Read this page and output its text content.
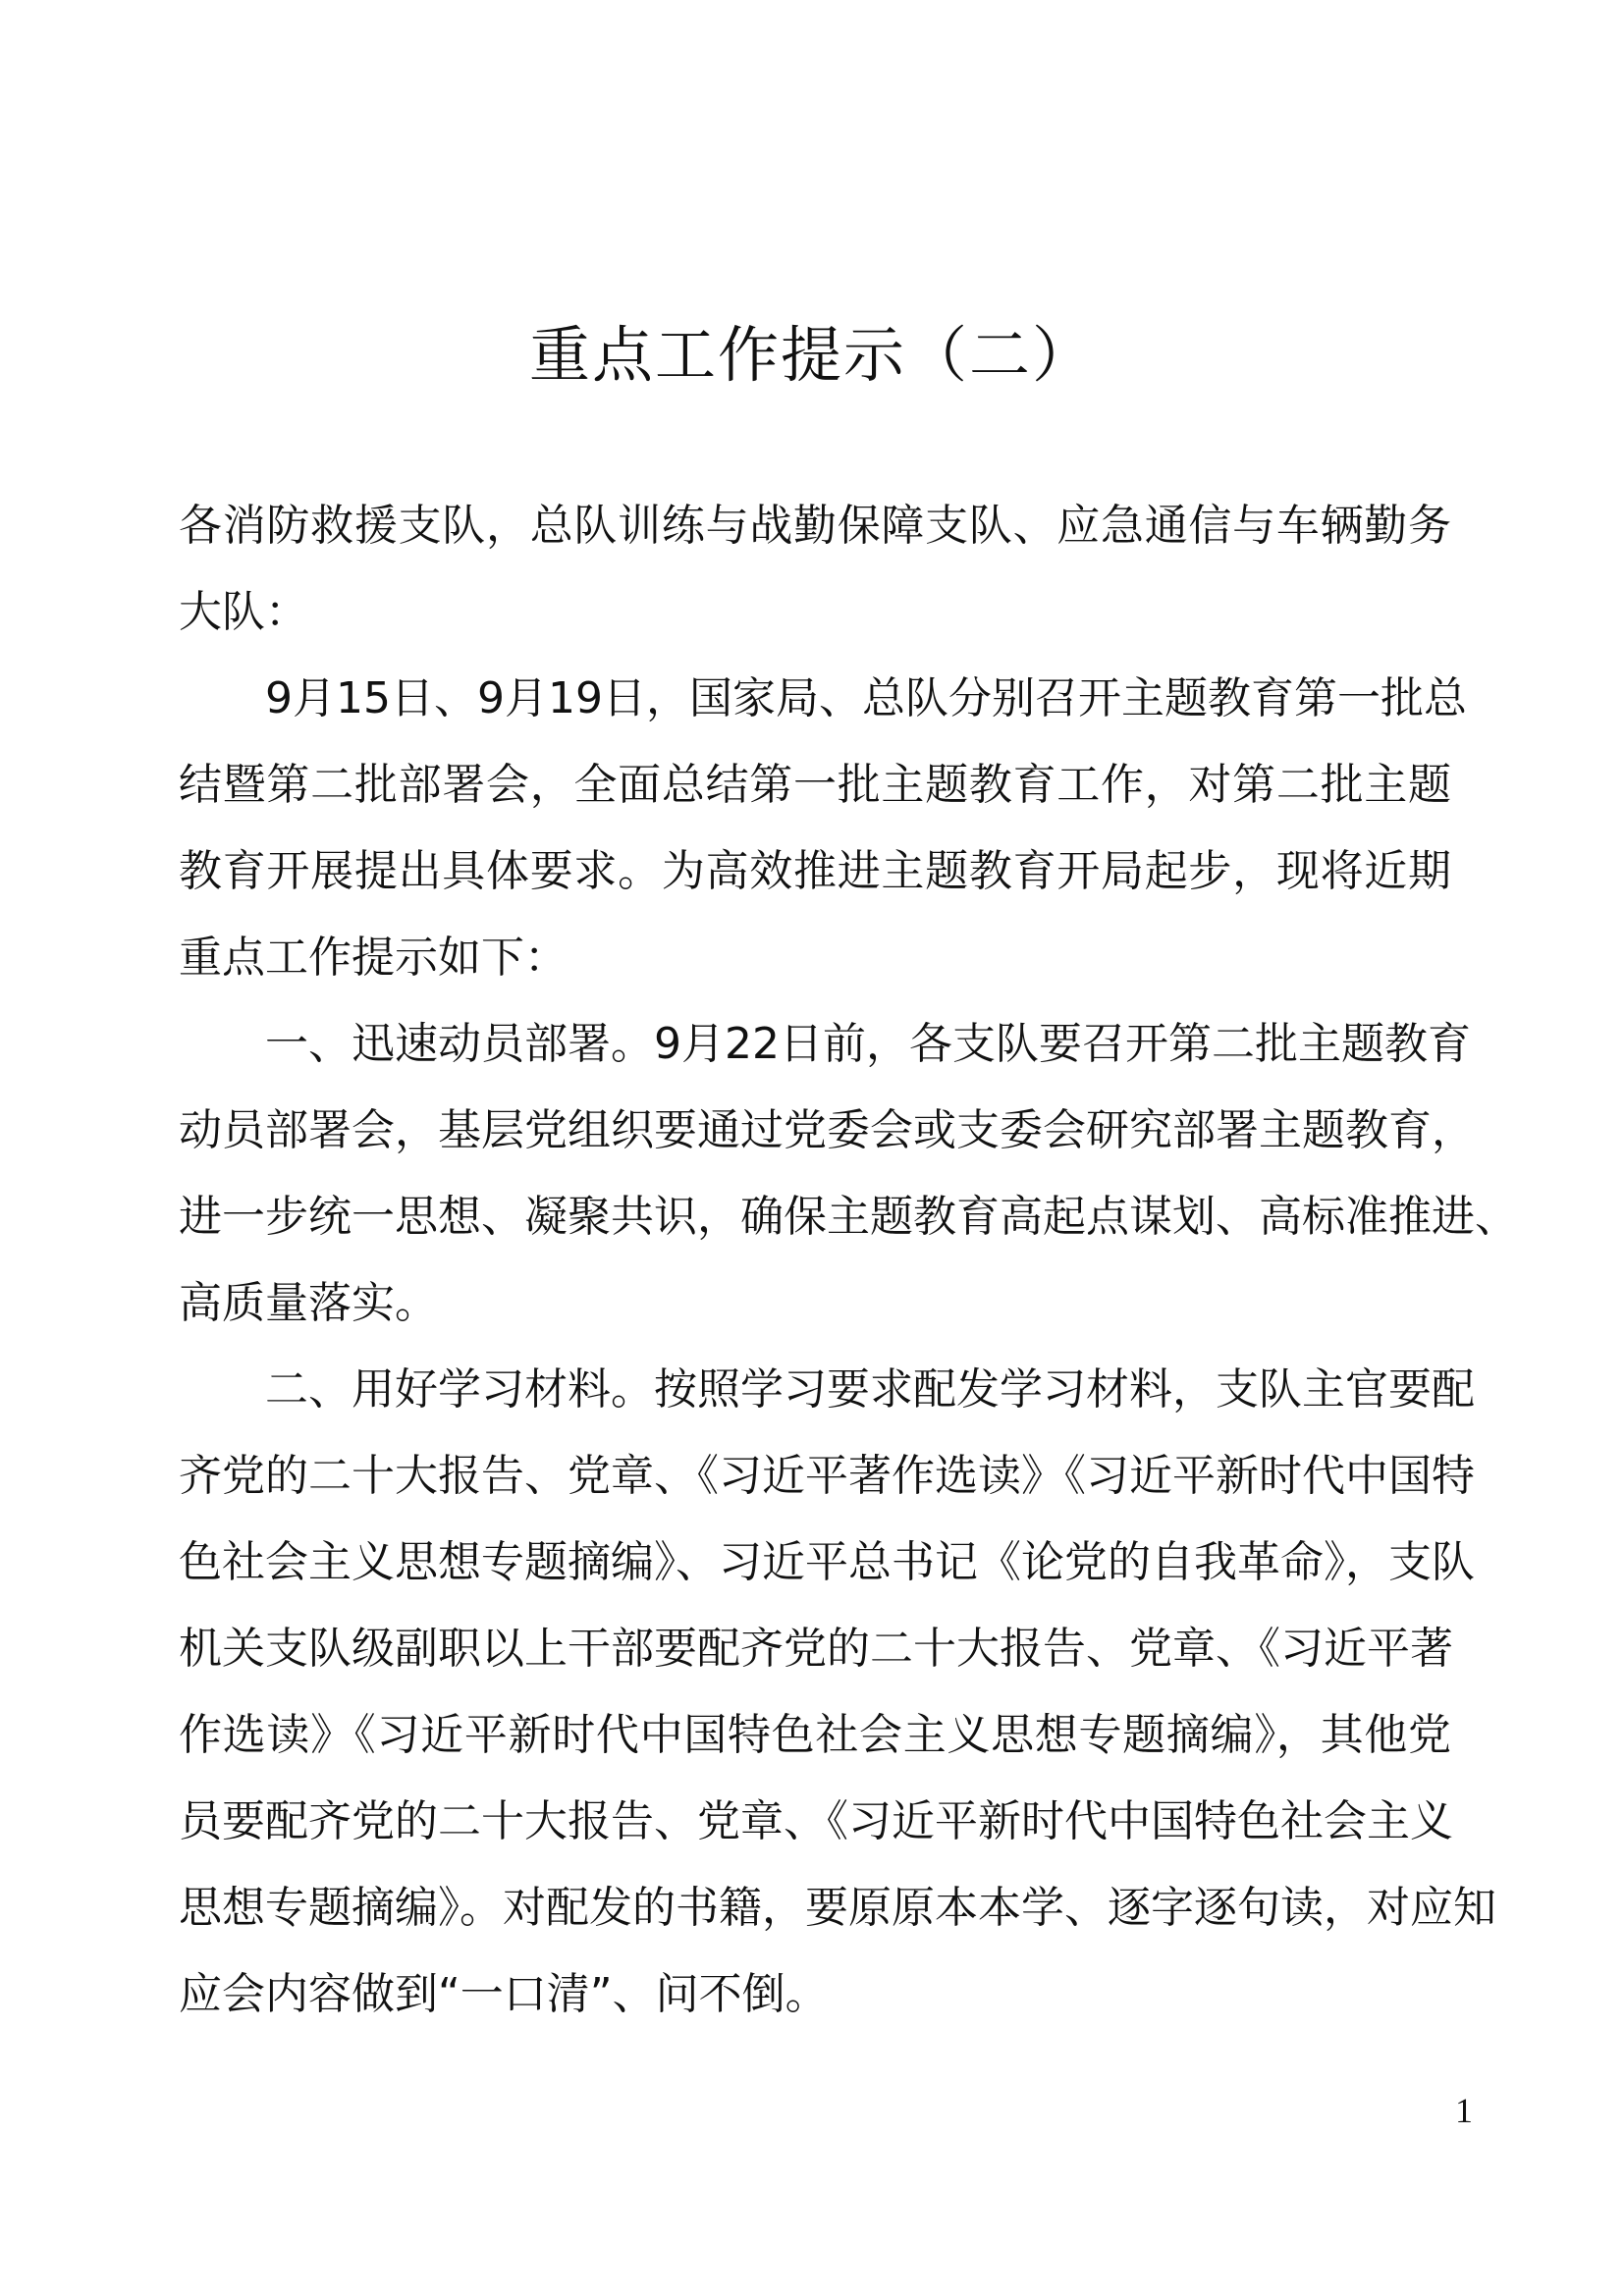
重点工作提示（二）
各消防救援支队，总队训练与战勤保障支队、应急通信与车辆勤务
大队：
9月15日、9月19日，国家局、总队分别召开主题教育第一批总
结暨第二批部署会，全面总结第一批主题教育工作，对第二批主题
教育开展提出具体要求。为高效推进主题教育开局起步，现将近期
重点工作提示如下：
一、迅速动员部署。9月22日前，各支队要召开第二批主题教育
动员部署会，基层党组织要通过党委会或支委会研究部署主题教育，
进一步统一思想、凝聚共识，确保主题教育高起点谋划、高标准推进、
高质量落实。
二、用好学习材料。按照学习要求配发学习材料，支队主官要配
齐党的二十大报告、党章、《习近平著作选读》《习近平新时代中国特
色社会主义思想专题摘编》、习近平总书记《论党的自我革命》，支队
机关支队级副职以上干部要配齐党的二十大报告、党章、《习近平著
作选读》《习近平新时代中国特色社会主义思想专题摘编》，其他党
员要配齐党的二十大报告、党章、《习近平新时代中国特色社会主义
思想专题摘编》。对配发的书籍，要原原本本学、逐字逐句读，对应知
应会内容做到“一口清”、问不倒。
1
